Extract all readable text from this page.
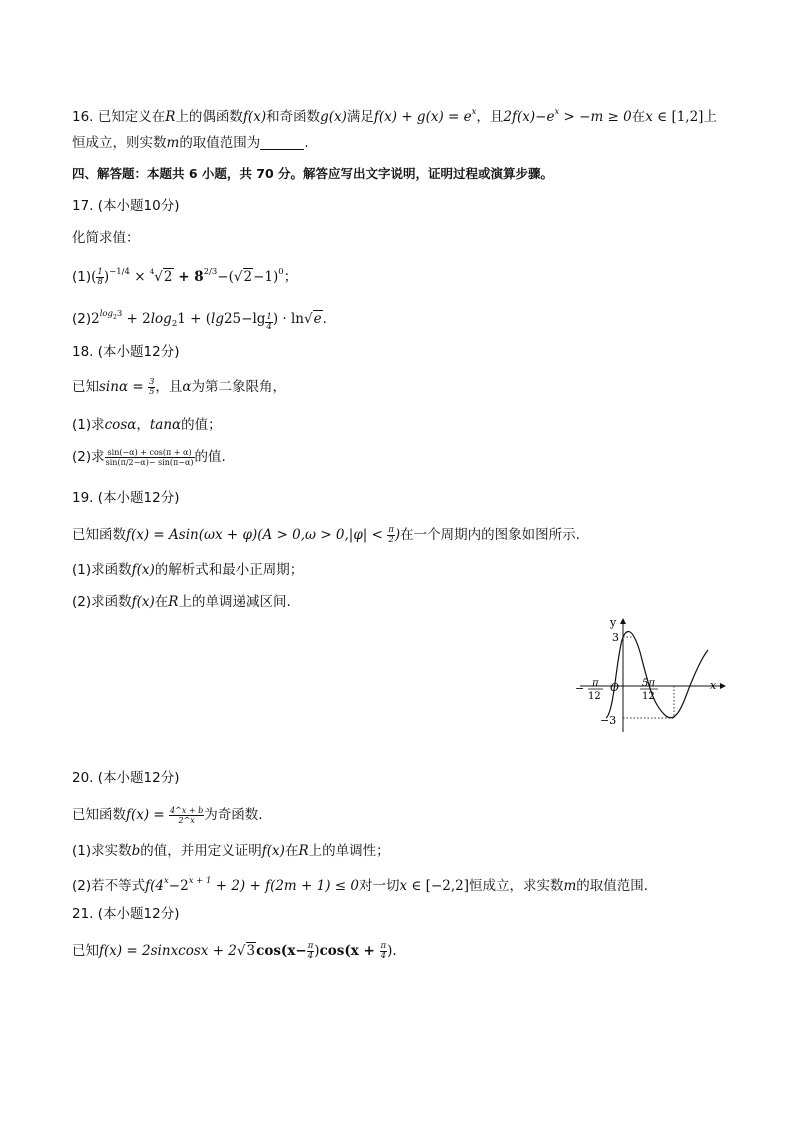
16. 已知定义在R上的偶函数f(x)和奇函数g(x)满足$f(x) + g(x) = e^x$，且$2f(x)-e^x > -m \ge 0$在x ∈ [1,2]上
恒成立，则实数m的取值范围为	.
四、解答题：本题共 6 小题，共 70 分。解答应写出文字说明，证明过程或演算步骤。
17. (本小题10分)
化简求值：
$(1)( \frac{1}{8} )^{-1/4} \times ^4√2 + 8^{2/3}-(√2-1)^0$；
$(2)2^{log23} + 2\log_21 + (\lg 25-\lg \frac{1}{4}$ ) · ln√e.
18. (本小题12分)
已知$\sin\alpha = \frac{3}{5}$ ，且α为第二象限角，
(1)求cosα，tanα的值；
(2)求 $\frac{\sin(-\alpha) + \cos(\pi + \alpha)}{\sin(\pi/2-\alpha)- \sin(\pi-\alpha)}$ 的值.
19. (本小题12分)
已知函数$f(x) = Asin(\omega x + \varphi)(A > 0,\omega > 0,|\varphi| < \frac{\pi}{2}$ )在一个周期内的图象如图所示.
(1)求函数f(x)的解析式和最小正周期；
(2)求函数f(x)在R上的单调递减区间.
y
x
3
−3
O
− π
12
5π
12
20. (本小题12分)
已知函数$f(x) = \frac{4\^{}x + b}{2\^{}x}$ 为奇函数.
(1)求实数b的值，并用定义证明f(x)在R上的单调性；
(2)若不等式$f(4^x-2^{x + 1} + 2) + f(2m + 1) \le 0$对一切x ∈ [−2,2]恒成立，求实数m的取值范围.
21. (本小题12分)
已知f(x) = 2sinxcosx + $2√3\cos(x- \frac{\pi}{4} )\cos(x + \frac{\pi}{4}$ ).
